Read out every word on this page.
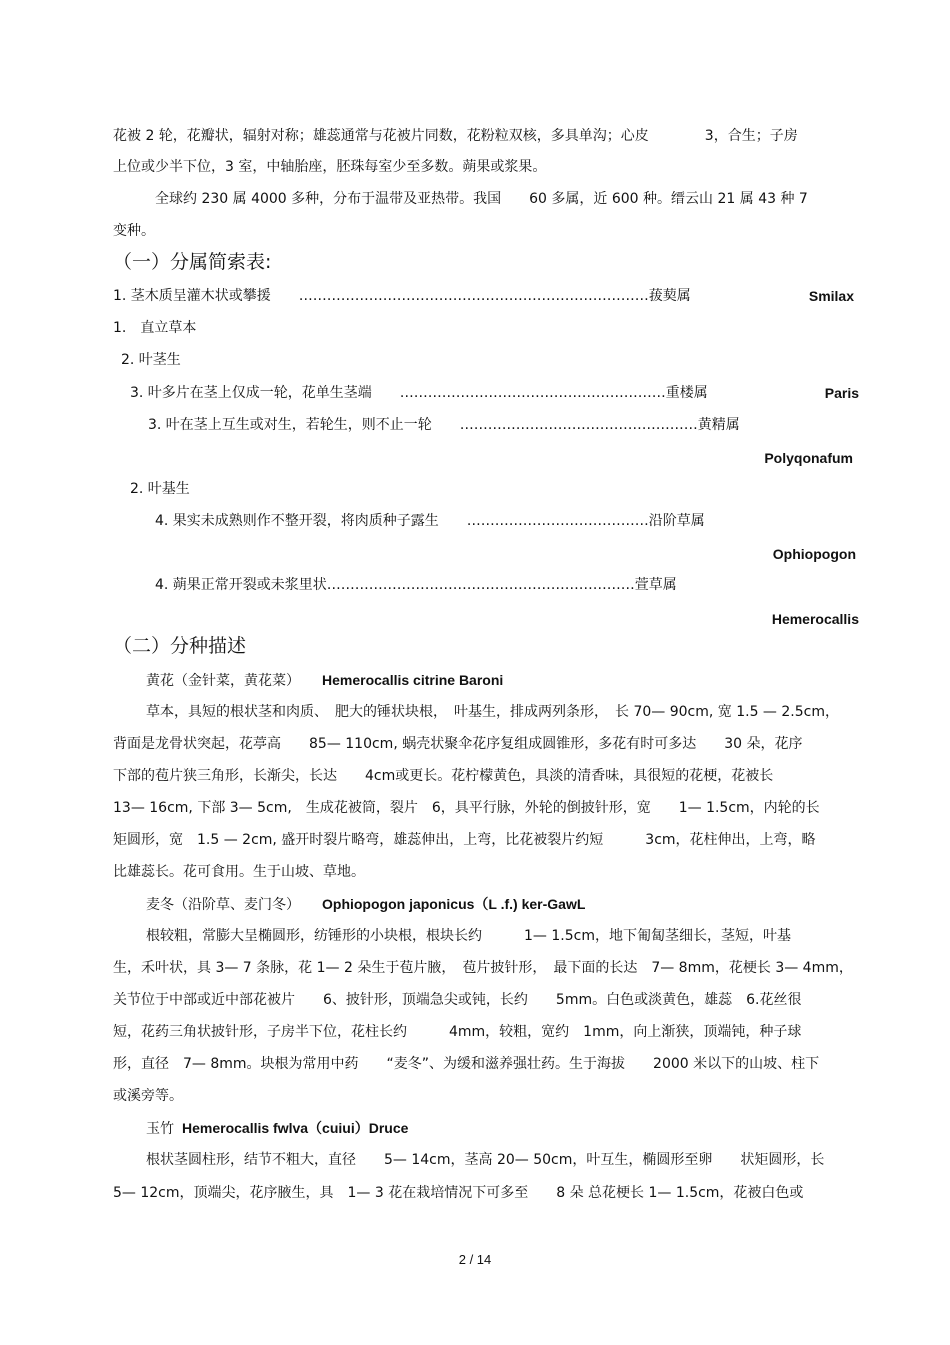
花被 2 轮，花瓣状，辐射对称；雄蕊通常与花被片同数，花粉粒双核，多具单沟；心皮　　　　3，合生；子房
上位或少半下位，3 室，中轴胎座，胚珠每室少至多数。蒴果或浆果。
全球约 230 属 4000 多种，分布于温带及亚热带。我国　　60 多属，近 600 种。缙云山 21 属 43 种 7
变种。
（一）分属简索表:
1. 茎木质呈灌木状或攀援　　…………………………………………………………………菝葜属	Smilax
1.　直立草本
2. 叶茎生
3. 叶多片在茎上仅成一轮，花单生茎端　　…………………………………………………重楼属	Paris
3. 叶在茎上互生或对生，若轮生，则不止一轮　　……………………………………………黄精属
Polyqonafum
2. 叶基生
4. 果实未成熟则作不整开裂，将肉质种子露生　　…………………………………沿阶草属
Ophiopogon
4. 蒴果正常开裂或未浆里状…………………………………………………………萱草属
Hemerocallis
（二）分种描述
黄花（金针菜，黄花菜） Hemerocallis citrine Baroni
草本，具短的根状茎和肉质、　肥大的锤状块根，　叶基生，排成两列条形，　长 70— 90cm, 宽 1.5 — 2.5cm，
背面是龙骨状突起，花葶高　　85— 110cm, 蜗壳状聚伞花序复组成圆锥形，多花有时可多达　　30 朵，花序
下部的苞片狭三角形，长渐尖，长达　　4cm或更长。花柠檬黄色，具淡的清香味，具很短的花梗，花被长
13— 16cm, 下部 3— 5cm,　生成花被筒，裂片　6，具平行脉，外轮的倒披针形，宽　　1— 1.5cm，内轮的长
矩圆形，宽　1.5 — 2cm, 盛开时裂片略弯，雄蕊伸出，上弯，比花被裂片约短　　　3cm，花柱伸出，上弯，略
比雄蕊长。花可食用。生于山坡、草地。
麦冬（沿阶草、麦门冬） Ophiopogon japonicus（L .f.) ker-GawL
根较粗，常膨大呈椭圆形，纺锤形的小块根，根块长约　　　1— 1.5cm，地下匍匐茎细长，茎短，叶基
生，禾叶状，具 3— 7 条脉，花 1— 2 朵生于苞片腋，　苞片披针形，　最下面的长达　7— 8mm，花梗长 3— 4mm，
关节位于中部或近中部花被片　　6、披针形，顶端急尖或钝，长约　　5mm。白色或淡黄色，雄蕊　6.花丝很
短，花药三角状披针形，子房半下位，花柱长约　　　4mm，较粗，宽约　1mm，向上渐狭，顶端钝，种子球
形，直径　7— 8mm。块根为常用中药　　“麦冬”、为缓和滋养强壮药。生于海拔　　2000 米以下的山坡、柱下
或溪旁等。
玉竹 Hemerocallis fwlva（cuiui）Druce
根状茎圆柱形，结节不粗大，直径　　5— 14cm，茎高 20— 50cm，叶互生，椭圆形至卵　　状矩圆形，长
5— 12cm，顶端尖，花序腋生，具　1— 3 花在栽培情况下可多至　　8 朵 总花梗长 1— 1.5cm，花被白色或
2 / 14
